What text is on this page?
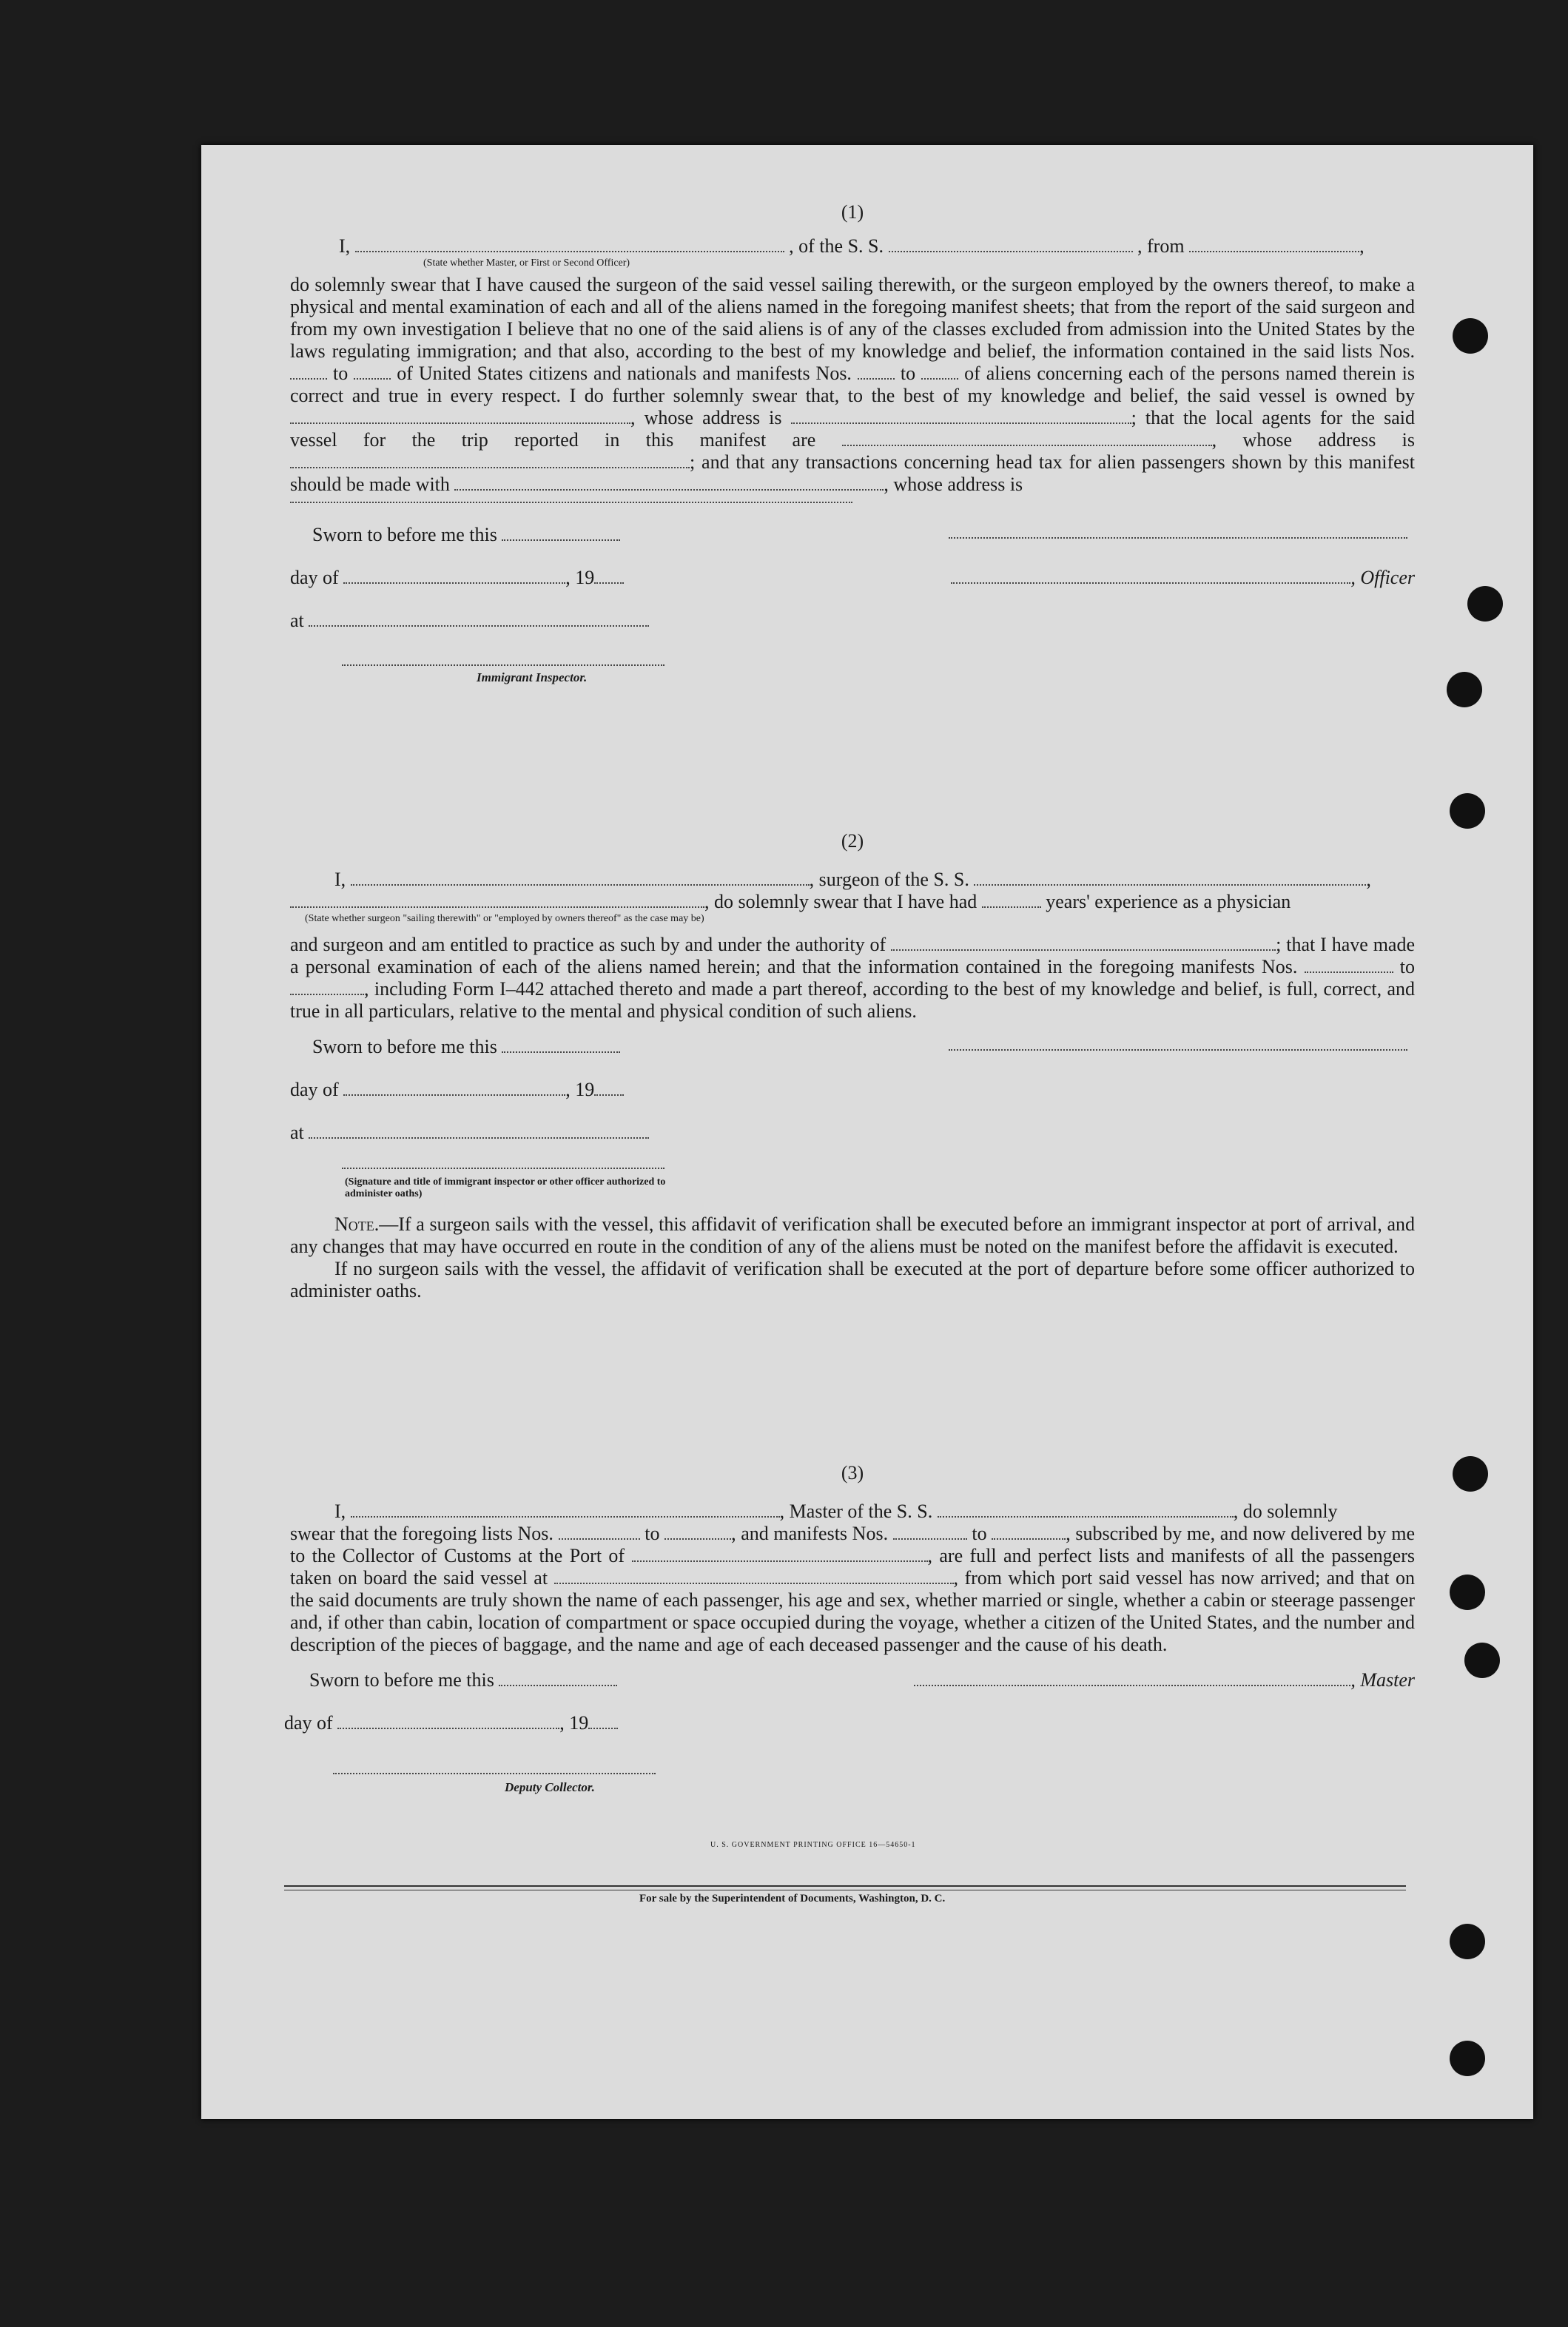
(1)
I,	, of the S. S.	, from	,
(State whether Master, or First or Second Officer)
do solemnly swear that I have caused the surgeon of the said vessel sailing therewith, or the surgeon employed by the owners thereof, to make a physical and mental examination of each and all of the aliens named in the foregoing manifest sheets; that from the report of the said surgeon and from my own investigation I believe that no one of the said aliens is of any of the classes excluded from admission into the United States by the laws regulating immigration; and that also, according to the best of my knowledge and belief, the information contained in the said lists Nos.  to	of United States citizens and nationals and manifests Nos.	to	of aliens concerning each of the persons named therein is correct and true in every respect. I do further solemnly swear that, to the best of my knowledge and belief, the said vessel is owned by , whose address is	; that the local agents for the said vessel for the trip reported in this manifest are	, whose address is ; and that any transactions concerning head tax for alien passengers shown by this manifest should be made with	, whose address is
Sworn to before me this
day of	, 19	, Officer
at
Immigrant Inspector.
(2)
I,	, surgeon of the S. S.	,
, do solemnly swear that I have had	years' experience as a physician
(State whether surgeon "sailing therewith" or "employed by owners thereof" as the case may be)
and surgeon and am entitled to practice as such by and under the authority of	; that I have made a personal examination of each of the aliens named herein; and that the information contained in the foregoing manifests Nos.	to , including Form I–442 attached thereto and made a part thereof, according to the best of my knowledge and belief, is full, correct, and true in all particulars, relative to the mental and physical condition of such aliens.
Sworn to before me this
day of	, 19
at
(Signature and title of immigrant inspector or other officer authorized to administer oaths)
Note.—If a surgeon sails with the vessel, this affidavit of verification shall be executed before an immigrant inspector at port of arrival, and any changes that may have occurred en route in the condition of any of the aliens must be noted on the manifest before the affidavit is executed.
If no surgeon sails with the vessel, the affidavit of verification shall be executed at the port of departure before some officer authorized to administer oaths.
(3)
I,	, Master of the S. S.	, do solemnly
swear that the foregoing lists Nos.	to	, and manifests Nos.	to	, subscribed by me, and now delivered by me to the Collector of Customs at the Port of	, are full and perfect lists and manifests of all the passengers taken on board the said vessel at	, from which port said vessel has now arrived; and that on the said documents are truly shown the name of each passenger, his age and sex, whether married or single, whether a cabin or steerage passenger and, if other than cabin, location of compartment or space occupied during the voyage, whether a citizen of the United States, and the number and description of the pieces of baggage, and the name and age of each deceased passenger and the cause of his death.
Sworn to before me this	, Master
day of	, 19
Deputy Collector.
U. S. GOVERNMENT PRINTING OFFICE 16—54650-1
For sale by the Superintendent of Documents, Washington, D. C.
